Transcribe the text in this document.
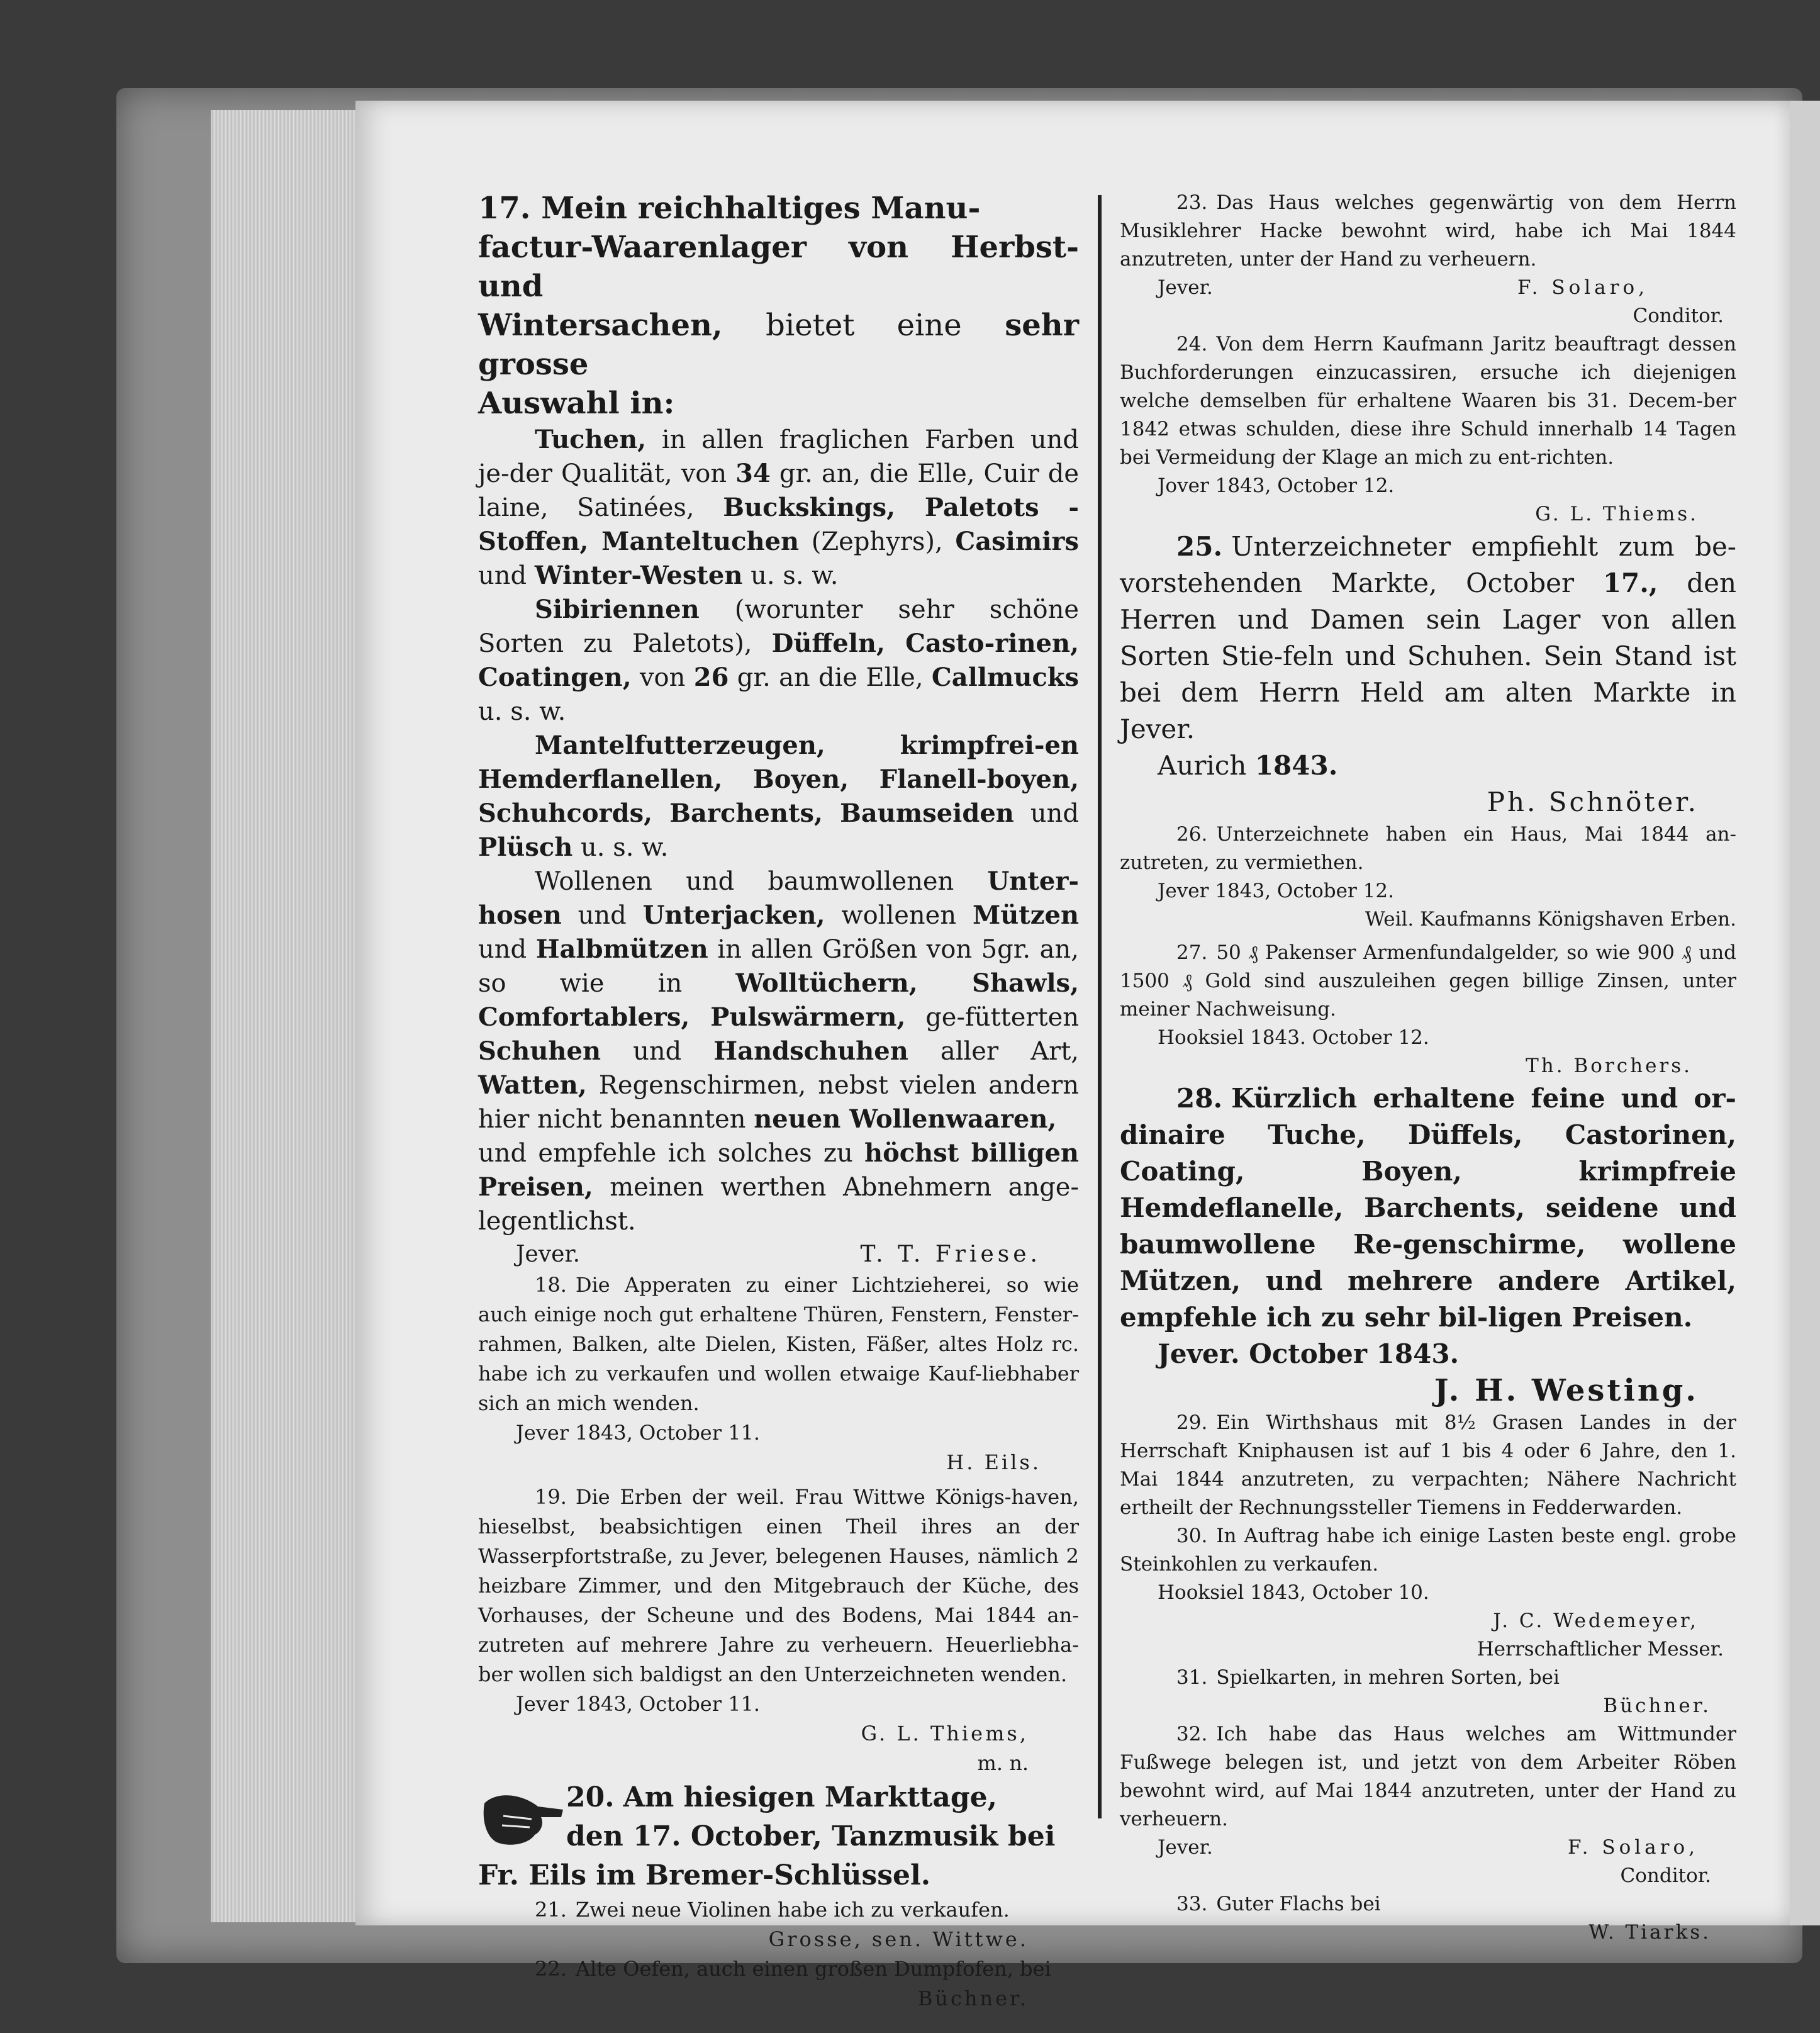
17. Mein reichhaltiges Manu-
factur-Waarenlager von Herbst- und
Wintersachen, bietet eine sehr grosse
Auswahl in:

Tuchen, in allen fraglichen Farben und je-der Qualität, von 34 gr. an, die Elle, Cuir de laine, Satinées, Buckskings, Paletots - Stoffen, Manteltuchen (Zephyrs), Casimirs und Winter-Westen u. s. w.

Sibiriennen (worunter sehr schöne Sorten zu Paletots), Düffeln, Casto-rinen, Coatingen, von 26 gr. an die Elle, Callmucks u. s. w.

Mantelfutterzeugen, krimpfrei-en Hemderflanellen, Boyen, Flanell-boyen, Schuhcords, Barchents, Baumseiden und Plüsch u. s. w.

Wollenen und baumwollenen Unter-hosen und Unterjacken, wollenen Mützen und Halbmützen in allen Größen von 5gr. an, so wie in Wolltüchern, Shawls, Comfortablers, Pulswärmern, ge-fütterten Schuhen und Handschuhen aller Art, Watten, Regenschirmen, nebst vielen andern hier nicht benannten neuen Wollenwaaren,

und empfehle ich solches zu höchst billigen Preisen, meinen werthen Abnehmern ange-legentlichst.

Jever.	T. T. Friese.

18. Die Apperaten zu einer Lichtzieherei, so wie auch einige noch gut erhaltene Thüren, Fenstern, Fenster-rahmen, Balken, alte Dielen, Kisten, Fäßer, altes Holz rc. habe ich zu verkaufen und wollen etwaige Kauf-liebhaber sich an mich wenden.

Jever 1843, October 11.

H. Eils.

19. Die Erben der weil. Frau Wittwe Königs-haven, hieselbst, beabsichtigen einen Theil ihres an der Wasserpfortstraße, zu Jever, belegenen Hauses, nämlich 2 heizbare Zimmer, und den Mitgebrauch der Küche, des Vorhauses, der Scheune und des Bodens, Mai 1844 an-zutreten auf mehrere Jahre zu verheuern. Heuerliebha-ber wollen sich baldigst an den Unterzeichneten wenden.

Jever 1843, October 11.

G. L. Thiems,

m. n.

20. Am hiesigen Markttage,
den 17. October, Tanzmusik bei

Fr. Eils im Bremer-Schlüssel.

21. Zwei neue Violinen habe ich zu verkaufen.

Grosse, sen. Wittwe.

22. Alte Oefen, auch einen großen Dumpfofen, bei

Büchner.

23. Das Haus welches gegenwärtig von dem Herrn Musiklehrer Hacke bewohnt wird, habe ich Mai 1844 anzutreten, unter der Hand zu verheuern.

Jever.	F. Solaro,

Conditor.

24. Von dem Herrn Kaufmann Jaritz beauftragt dessen Buchforderungen einzucassiren, ersuche ich diejenigen welche demselben für erhaltene Waaren bis 31. Decem-ber 1842 etwas schulden, diese ihre Schuld innerhalb 14 Tagen bei Vermeidung der Klage an mich zu ent-richten.

Jover 1843, October 12.

G. L. Thiems.

25. Unterzeichneter empfiehlt zum be-vorstehenden Markte, October 17., den Herren und Damen sein Lager von allen Sorten Stie-feln und Schuhen. Sein Stand ist bei dem Herrn Held am alten Markte in Jever.

Aurich 1843.

Ph. Schnöter.

26. Unterzeichnete haben ein Haus, Mai 1844 an-zutreten, zu vermiethen.

Jever 1843, October 12.

Weil. Kaufmanns Königshaven Erben.

27. 50 ₰ Pakenser Armenfundalgelder, so wie 900 ₰ und 1500 ₰ Gold sind auszuleihen gegen billige Zinsen, unter meiner Nachweisung.

Hooksiel 1843. October 12.

Th. Borchers.

28. Kürzlich erhaltene feine und or-dinaire Tuche, Düffels, Castorinen, Coating, Boyen, krimpfreie Hemdeflanelle, Barchents, seidene und baumwollene Re-genschirme, wollene Mützen, und mehrere andere Artikel, empfehle ich zu sehr bil-ligen Preisen.

Jever. October 1843.

J. H. Westing.

29. Ein Wirthshaus mit 8½ Grasen Landes in der Herrschaft Kniphausen ist auf 1 bis 4 oder 6 Jahre, den 1. Mai 1844 anzutreten, zu verpachten; Nähere Nachricht ertheilt der Rechnungssteller Tiemens in Fedderwarden.

30. In Auftrag habe ich einige Lasten beste engl. grobe Steinkohlen zu verkaufen.

Hooksiel 1843, October 10.

J. C. Wedemeyer,

Herrschaftlicher Messer.

31. Spielkarten, in mehren Sorten, bei

Büchner.

32. Ich habe das Haus welches am Wittmunder Fußwege belegen ist, und jetzt von dem Arbeiter Röben bewohnt wird, auf Mai 1844 anzutreten, unter der Hand zu verheuern.

Jever.	F. Solaro,

Conditor.

33. Guter Flachs bei

W. Tiarks.
